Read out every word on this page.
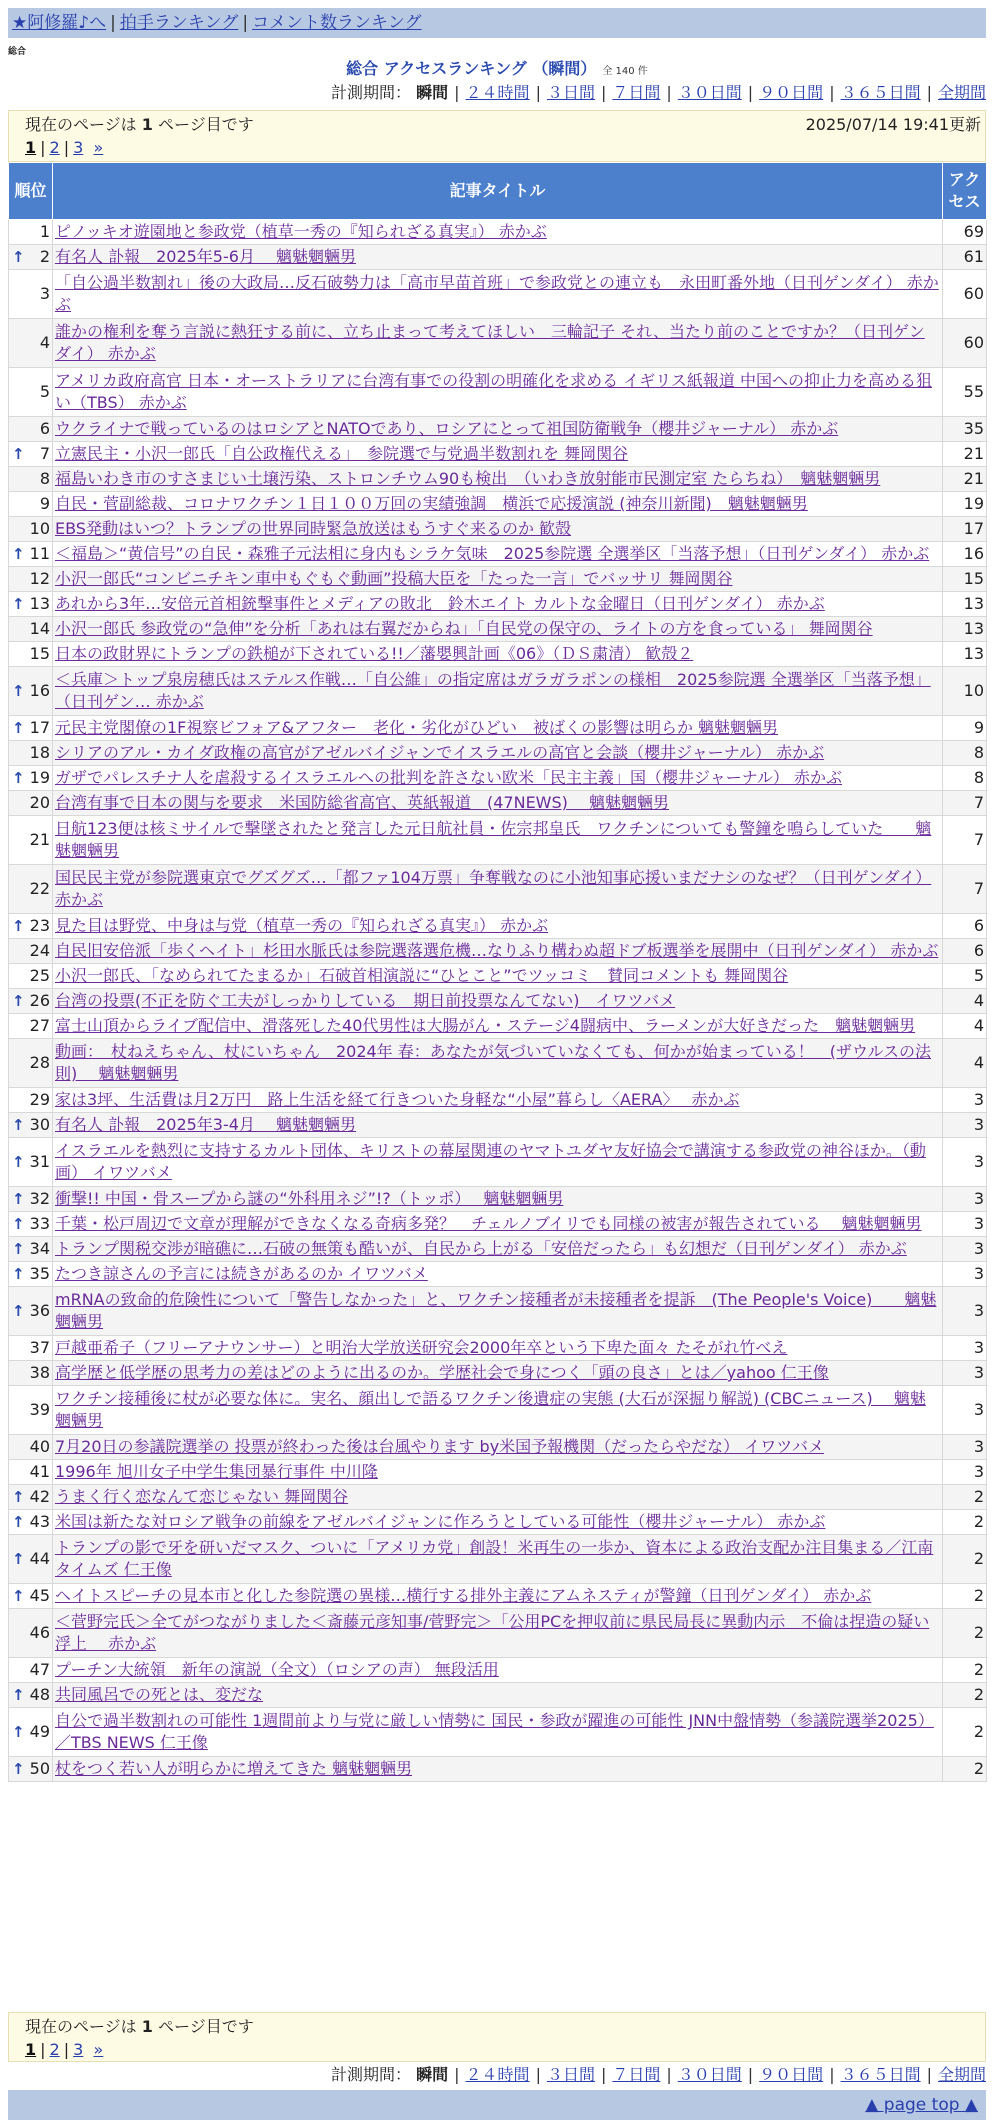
★阿修羅♪へ | 拍手ランキング | コメント数ランキング
総合
総合 アクセスランキング （瞬間） 全 140 件
計測期間： 瞬間 | ２４時間 | ３日間 | ７日間 | ３０日間 | ９０日間 | ３６５日間 | 全期間
現在のページは 1 ページ目です	2025/07/14 19:41更新
1 | 2 | 3 »
順位	記事タイトル	アクセス
1	ピノッキオ遊園地と参政党（植草一秀の『知られざる真実』） 赤かぶ	69

↑ 2	有名人 訃報　2025年5-6月　 魑魅魍魎男	61
3	「自公過半数割れ」後の大政局…反石破勢力は「高市早苗首班」で参政党との連立も　永田町番外地（日刊ゲンダイ） 赤かぶ	60
4	誰かの権利を奪う言説に熱狂する前に、立ち止まって考えてほしい　三輪記子 それ、当たり前のことですか？（日刊ゲンダイ） 赤かぶ	60
5	アメリカ政府高官 日本・オーストラリアに台湾有事での役割の明確化を求める イギリス紙報道 中国への抑止力を高める狙い（TBS） 赤かぶ	55
6	ウクライナで戦っているのはロシアとNATOであり、ロシアにとって祖国防衛戦争（櫻井ジャーナル） 赤かぶ	35

↑ 7	立憲民主・小沢一郎氏「自公政権代える」　参院選で与党過半数割れを 舞岡関谷	21
8	福島いわき市のすさまじい土壌汚染、ストロンチウム90も検出　（いわき放射能市民測定室 たらちね）　魑魅魍魎男	21
9	自民・菅副総裁、コロナワクチン１日１００万回の実績強調　横浜で応援演説 (神奈川新聞)　魑魅魍魎男	19
10	EBS発動はいつ？トランプの世界同時緊急放送はもうすぐ来るのか 歓殻	17

↑ 11	＜福島＞“黄信号”の自民・森雅子元法相に身内もシラケ気味　2025参院選 全選挙区「当落予想」（日刊ゲンダイ） 赤かぶ	16
12	小沢一郎氏“コンビニチキン車中もぐもぐ動画”投稿大臣を「たった一言」でバッサリ 舞岡関谷	15

↑ 13	あれから3年…安倍元首相銃撃事件とメディアの敗北　鈴木エイト カルトな金曜日（日刊ゲンダイ） 赤かぶ	13
14	小沢一郎氏 参政党の“急伸”を分析「あれは右翼だからね」「自民党の保守の、ライトの方を食っている」 舞岡関谷	13
15	日本の政財界にトランプの鉄槌が下されている!!／藩嬰興計画《06》（ＤＳ粛清） 歓殻２	13

↑ 16	＜兵庫＞トップ泉房穂氏はステルス作戦…「自公維」の指定席はガラガラポンの様相　2025参院選 全選挙区「当落予想」（日刊ゲン… 赤かぶ	10

↑ 17	元民主党閣僚の1F視察ビフォア&アフター　老化・劣化がひどい　被ばくの影響は明らか 魑魅魍魎男	9
18	シリアのアル・カイダ政権の高官がアゼルバイジャンでイスラエルの高官と会談（櫻井ジャーナル） 赤かぶ	8

↑ 19	ガザでパレスチナ人を虐殺するイスラエルへの批判を許さない欧米「民主主義」国（櫻井ジャーナル） 赤かぶ	8
20	台湾有事で日本の関与を要求　米国防総省高官、英紙報道　(47NEWS)　 魑魅魍魎男	7
21	日航123便は核ミサイルで撃墜されたと発言した元日航社員・佐宗邦皇氏　ワクチンについても警鐘を鳴らしていた　　魑魅魍魎男	7
22	国民民主党が参院選東京でグズグズ…「都ファ104万票」争奪戦なのに小池知事応援いまだナシのなぜ？（日刊ゲンダイ） 赤かぶ	7

↑ 23	見た目は野党、中身は与党（植草一秀の『知られざる真実』） 赤かぶ	6
24	自民旧安倍派「歩くヘイト」杉田水脈氏は参院選落選危機…なりふり構わぬ超ドブ板選挙を展開中（日刊ゲンダイ） 赤かぶ	6
25	小沢一郎氏、「なめられてたまるか」石破首相演説に“ひとこと”でツッコミ　賛同コメントも 舞岡関谷	5

↑ 26	台湾の投票(不正を防ぐ工夫がしっかりしている　期日前投票なんてない)　イワツバメ	4
27	富士山頂からライブ配信中、滑落死した40代男性は大腸がん・ステージ4闘病中、ラーメンが大好きだった　魑魅魍魎男	4
28	動画：　杖ねえちゃん、杖にいちゃん　2024年 春：あなたが気づいていなくても、何かが始まっている！　(ザウルスの法則)　 魑魅魍魎男	4
29	家は3坪、生活費は月2万円　路上生活を経て行きついた身軽な“小屋”暮らし〈AERA〉　 赤かぶ	3

↑ 30	有名人 訃報　2025年3-4月　 魑魅魍魎男	3

↑ 31	イスラエルを熱烈に支持するカルト団体、キリストの幕屋関連のヤマトユダヤ友好協会で講演する参政党の神谷ほか。（動画） イワツバメ	3

↑ 32	衝撃!! 中国・骨スープから謎の“外科用ネジ”!?（トッポ）　 魑魅魍魎男	3

↑ 33	千葉・松戸周辺で文章が理解ができなくなる奇病多発？　チェルノブイリでも同様の被害が報告されている　 魑魅魍魎男	3

↑ 34	トランプ関税交渉が暗礁に…石破の無策も酷いが、自民から上がる「安倍だったら」も幻想だ（日刊ゲンダイ） 赤かぶ	3

↑ 35	たつき諒さんの予言には続きがあるのか イワツバメ	3

↑ 36	mRNAの致命的危険性について「警告しなかった」と、ワクチン接種者が未接種者を提訴　(The People's Voice)　　魑魅魍魎男	3
37	戸越亜希子（フリーアナウンサー）と明治大学放送研究会2000年卒という下卑た面々 たそがれ竹べえ	3
38	高学歴と低学歴の思考力の差はどのように出るのか。学歴社会で身につく「頭の良さ」とは／yahoo 仁王像	3
39	ワクチン接種後に杖が必要な体に。実名、顔出しで語るワクチン後遺症の実態 (大石が深掘り解説) (CBCニュース)　 魑魅魍魎男	3
40	7月20日の参議院選挙の 投票が終わった後は台風やります by米国予報機関（だったらやだな） イワツバメ	3
41	1996年 旭川女子中学生集団暴行事件 中川隆	3

↑ 42	うまく行く恋なんて恋じゃない 舞岡関谷	2

↑ 43	米国は新たな対ロシア戦争の前線をアゼルバイジャンに作ろうとしている可能性（櫻井ジャーナル） 赤かぶ	2

↑ 44	トランプの影で牙を研いだマスク、ついに「アメリカ党」創設！米再生の一歩か、資本による政治支配か注目集まる／江南タイムズ 仁王像	2

↑ 45	ヘイトスピーチの見本市と化した参院選の異様…横行する排外主義にアムネスティが警鐘（日刊ゲンダイ） 赤かぶ	2
46	＜菅野完氏＞全てがつながりました＜斎藤元彦知事/菅野完＞「公用PCを押収前に県民局長に異動内示　不倫は捏造の疑い浮上　 赤かぶ	2
47	プーチン大統領　新年の演説（全文）（ロシアの声） 無段活用	2

↑ 48	共同風呂での死とは、変だな	2

↑ 49	自公で過半数割れの可能性 1週間前より与党に厳しい情勢に 国民・参政が躍進の可能性 JNN中盤情勢（参議院選挙2025）／TBS NEWS 仁王像	2

↑ 50	杖をつく若い人が明らかに増えてきた 魑魅魍魎男	2
現在のページは 1 ページ目です
1 | 2 | 3 »
計測期間： 瞬間 | ２４時間 | ３日間 | ７日間 | ３０日間 | ９０日間 | ３６５日間 | 全期間
▲ page top ▲
